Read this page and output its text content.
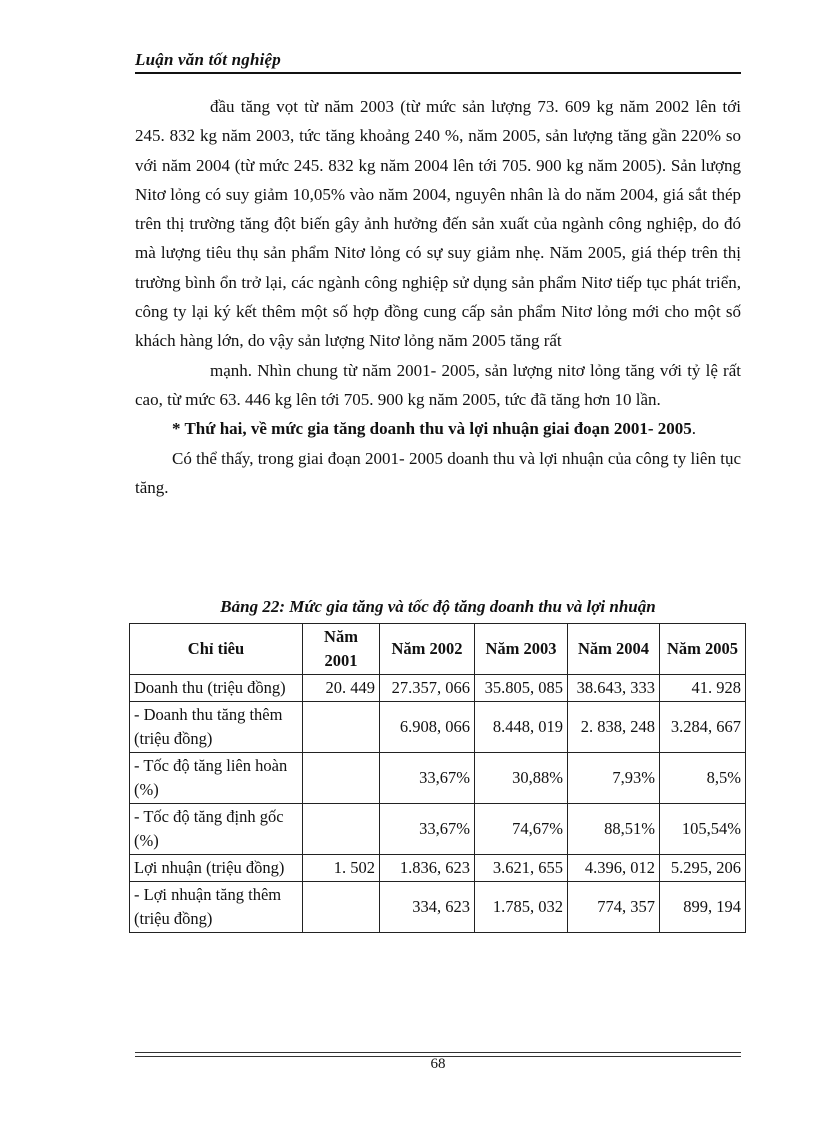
Luận văn tốt nghiệp

đầu tăng vọt từ năm 2003 (từ mức sản lượng 73. 609 kg năm 2002 lên tới 245. 832 kg năm 2003, tức tăng khoảng 240 %, năm 2005, sản lượng tăng gần 220% so với năm 2004 (từ mức 245. 832 kg năm 2004 lên tới 705. 900 kg năm 2005). Sản lượng Nitơ lỏng có suy giảm 10,05% vào năm 2004, nguyên nhân là do năm 2004, giá sắt thép trên thị trường tăng đột biến gây ảnh hưởng đến sản xuất của ngành công nghiệp, do đó mà lượng tiêu thụ sản phẩm Nitơ lỏng có sự suy giảm nhẹ. Năm 2005, giá thép trên thị trường bình ổn trở lại, các ngành công nghiệp sử dụng sản phẩm Nitơ tiếp tục phát triển, công ty lại ký kết thêm một số hợp đồng cung cấp sản phẩm Nitơ lỏng mới cho một số khách hàng lớn, do vậy sản lượng Nitơ lỏng năm 2005 tăng rất

mạnh. Nhìn chung từ năm 2001- 2005, sản lượng nitơ lỏng tăng với tỷ lệ rất cao, từ mức 63. 446 kg lên tới 705. 900 kg năm 2005, tức đã tăng hơn 10 lần.

* Thứ hai, về mức gia tăng doanh thu và lợi nhuận giai đoạn 2001- 2005.

Có thể thấy, trong giai đoạn 2001- 2005 doanh thu và lợi nhuận của công ty liên tục tăng.

Bảng 22: Mức gia tăng và tốc độ tăng doanh thu và lợi nhuận
Chỉ tiêu	Năm 2001	Năm 2002	Năm 2003	Năm 2004	Năm 2005
Doanh thu (triệu đồng)	20. 449	27.357, 066	35.805, 085	38.643, 333	41. 928
- Doanh thu tăng thêm (triệu đồng)		6.908, 066	8.448, 019	2. 838, 248	3.284, 667
- Tốc độ tăng liên hoàn (%)		33,67%	30,88%	7,93%	8,5%
- Tốc độ tăng định gốc (%)		33,67%	74,67%	88,51%	105,54%
Lợi nhuận (triệu đồng)	1. 502	1.836, 623	3.621, 655	4.396, 012	5.295, 206
- Lợi nhuận tăng thêm (triệu đồng)		334, 623	1.785, 032	774, 357	899, 194
68
